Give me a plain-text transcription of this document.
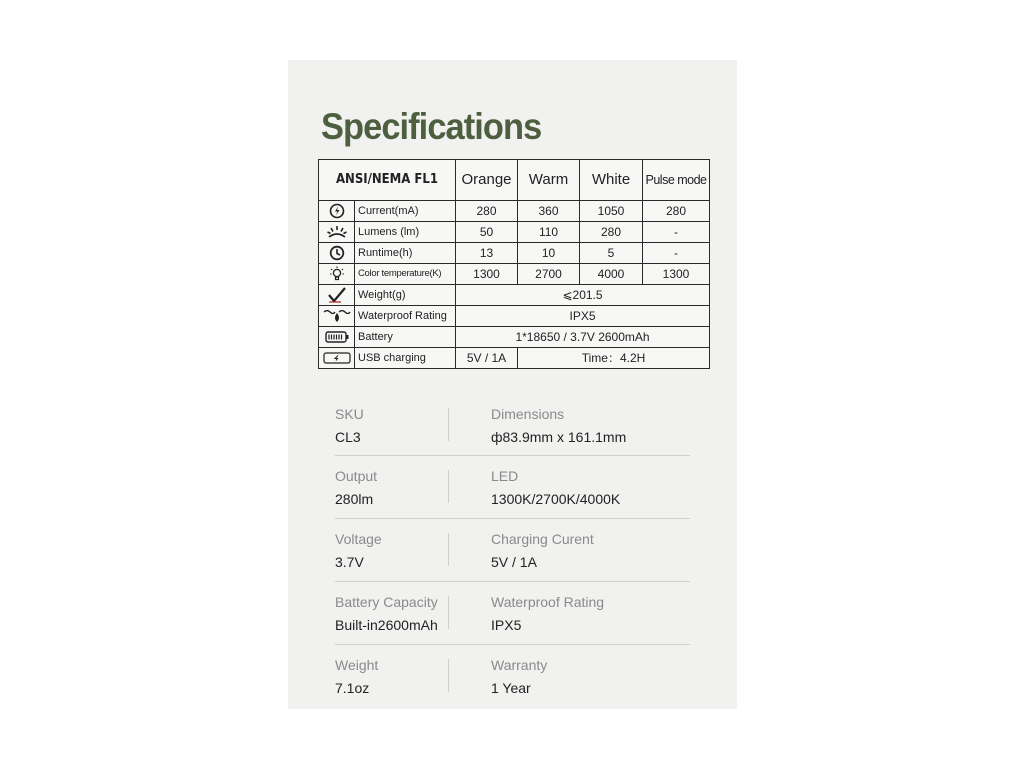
Specifications
ANSI/NEMA FL1		Orange	Warm	White	Pulse mode

	Current(mA)	280	360	1050	280

	Lumens (lm)	50	110	280	-

	Runtime(h)	13	10	5	-

	Color temperature(K)	1300	2700	4000	1300

	Weight(g)	⩽201.5			

	Waterproof Rating	IPX5			

	Battery	1*18650 / 3.7V 2600mAh			

	USB charging	5V / 1A	Time：4.2H		
SKU
CL3
Dimensions
ф83.9mm x 161.1mm
Output
280lm
LED
1300K/2700K/4000K
Voltage
3.7V
Charging Curent
5V / 1A
Battery Capacity
Built-in2600mAh
Waterproof Rating
IPX5
Weight
7.1oz
Warranty
1 Year
